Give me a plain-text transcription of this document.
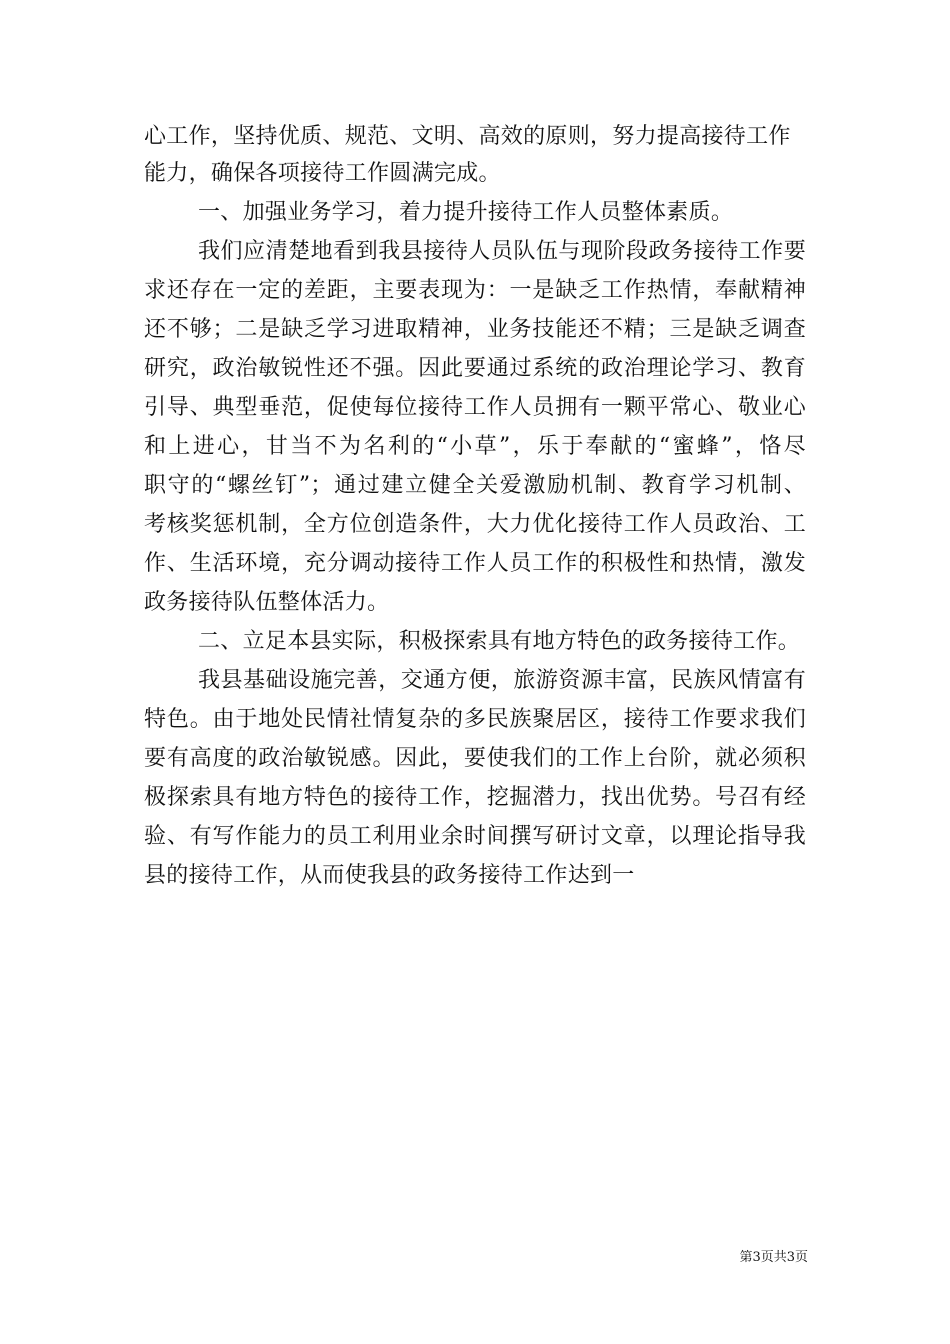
心工作，坚持优质、规范、文明、高效的原则，努力提高接待工作
能力，确保各项接待工作圆满完成。
一、加强业务学习，着力提升接待工作人员整体素质。
我们应清楚地看到我县接待人员队伍与现阶段政务接待工作要
求还存在一定的差距，主要表现为：一是缺乏工作热情，奉献精神
还不够；二是缺乏学习进取精神，业务技能还不精；三是缺乏调查
研究，政治敏锐性还不强。因此要通过系统的政治理论学习、教育
引导、典型垂范，促使每位接待工作人员拥有一颗平常心、敬业心
和上进心，甘当不为名利的“小草”，乐于奉献的“蜜蜂”，恪尽
职守的“螺丝钉”；通过建立健全关爱激励机制、教育学习机制、
考核奖惩机制，全方位创造条件，大力优化接待工作人员政治、工
作、生活环境，充分调动接待工作人员工作的积极性和热情，激发
政务接待队伍整体活力。
二、立足本县实际，积极探索具有地方特色的政务接待工作。
我县基础设施完善，交通方便，旅游资源丰富，民族风情富有
特色。由于地处民情社情复杂的多民族聚居区，接待工作要求我们
要有高度的政治敏锐感。因此，要使我们的工作上台阶，就必须积
极探索具有地方特色的接待工作，挖掘潜力，找出优势。号召有经
验、有写作能力的员工利用业余时间撰写研讨文章，以理论指导我
县的接待工作，从而使我县的政务接待工作达到一
第3页共3页
